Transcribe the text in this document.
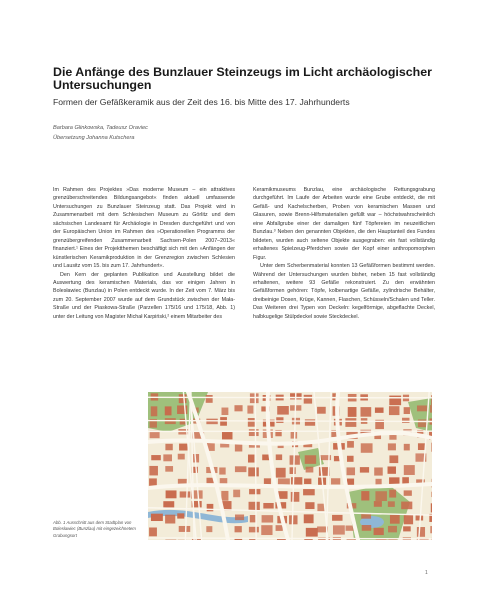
Die Anfänge des Bunzlauer Steinzeugs im Licht archäologischer Untersuchungen
Formen der Gefäßkeramik aus der Zeit des 16. bis Mitte des 17. Jahrhunderts
Barbara Glinkowska, Tadeusz Oraviec
Übersetzung Johanna Kutschera

Im Rahmen des Projektes »Das moderne Museum – ein attraktives grenzüberschreitendes Bildungsangebot« finden aktuell umfassende Untersuchungen zu Bunzlauer Steinzeug statt. Das Projekt wird in Zusammenarbeit mit dem Schlesischen Museum zu Görlitz und dem sächsischen Landesamt für Archäologie in Dresden durchgeführt und von der Europäischen Union im Rahmen des »Operationellen Programms der grenzübergreifenden Zusammenarbeit Sachsen-Polen 2007–2013« finanziert.¹ Eines der Projektthemen beschäftigt sich mit den »Anfängen der künstlerischen Keramikproduktion in der Grenzregion zwischen Schlesien und Lausitz vom 15. bis zum 17. Jahrhundert«.

Den Kern der geplanten Publikation und Ausstellung bildet die Auswertung des keramischen Materials, das vor einigen Jahren in Bolesławiec (Bunzlau) in Polen entdeckt wurde. In der Zeit vom 7. März bis zum 20. September 2007 wurde auf dem Grundstück zwischen der Mała-Straße und der Piaskowa-Straße (Parzellen 175/16 und 175/18, Abb. 1) unter der Leitung von Magister Michał Karpiński,² einem Mitarbeiter des

Keramikmuseums Bunzlau, eine archäologische Rettungsgrabung durchgeführt. Im Laufe der Arbeiten wurde eine Grube entdeckt, die mit Gefäß- und Kachelscherben, Proben von keramischen Massen und Glasuren, sowie Brenn-Hilfsmaterialien gefüllt war – höchstwahrscheinlich eine Abfallgrube einer der damaligen fünf Töpfereien im neuzeitlichen Bunzlau.³ Neben den genannten Objekten, die den Hauptanteil des Fundes bildeten, wurden auch seltene Objekte ausgegraben: ein fast vollständig erhaltenes Spielzeug-Pferdchen sowie der Kopf einer anthropomorphen Figur.

Unter dem Scherbenmaterial konnten 13 Gefäßformen bestimmt werden. Während der Untersuchungen wurden bisher, neben 15 fast vollständig erhaltenen, weitere 93 Gefäße rekonstruiert. Zu den erwähnten Gefäßformen gehören: Töpfe, kolbenartige Gefäße, zylindrische Behälter, dreibeinige Dosen, Krüge, Kannen, Flaschen, Schüsseln/Schalen und Teller. Das Weiteren drei Typen von Deckeln: kegelförmige, abgeflachte Deckel, halbkugelige Stülpdeckel sowie Steckdeckel.

Abb. 1 Ausschnitt aus dem Stadtplan von Bolesławiec (Bunzlau) mit eingezeichnetem Grabungsort
1
